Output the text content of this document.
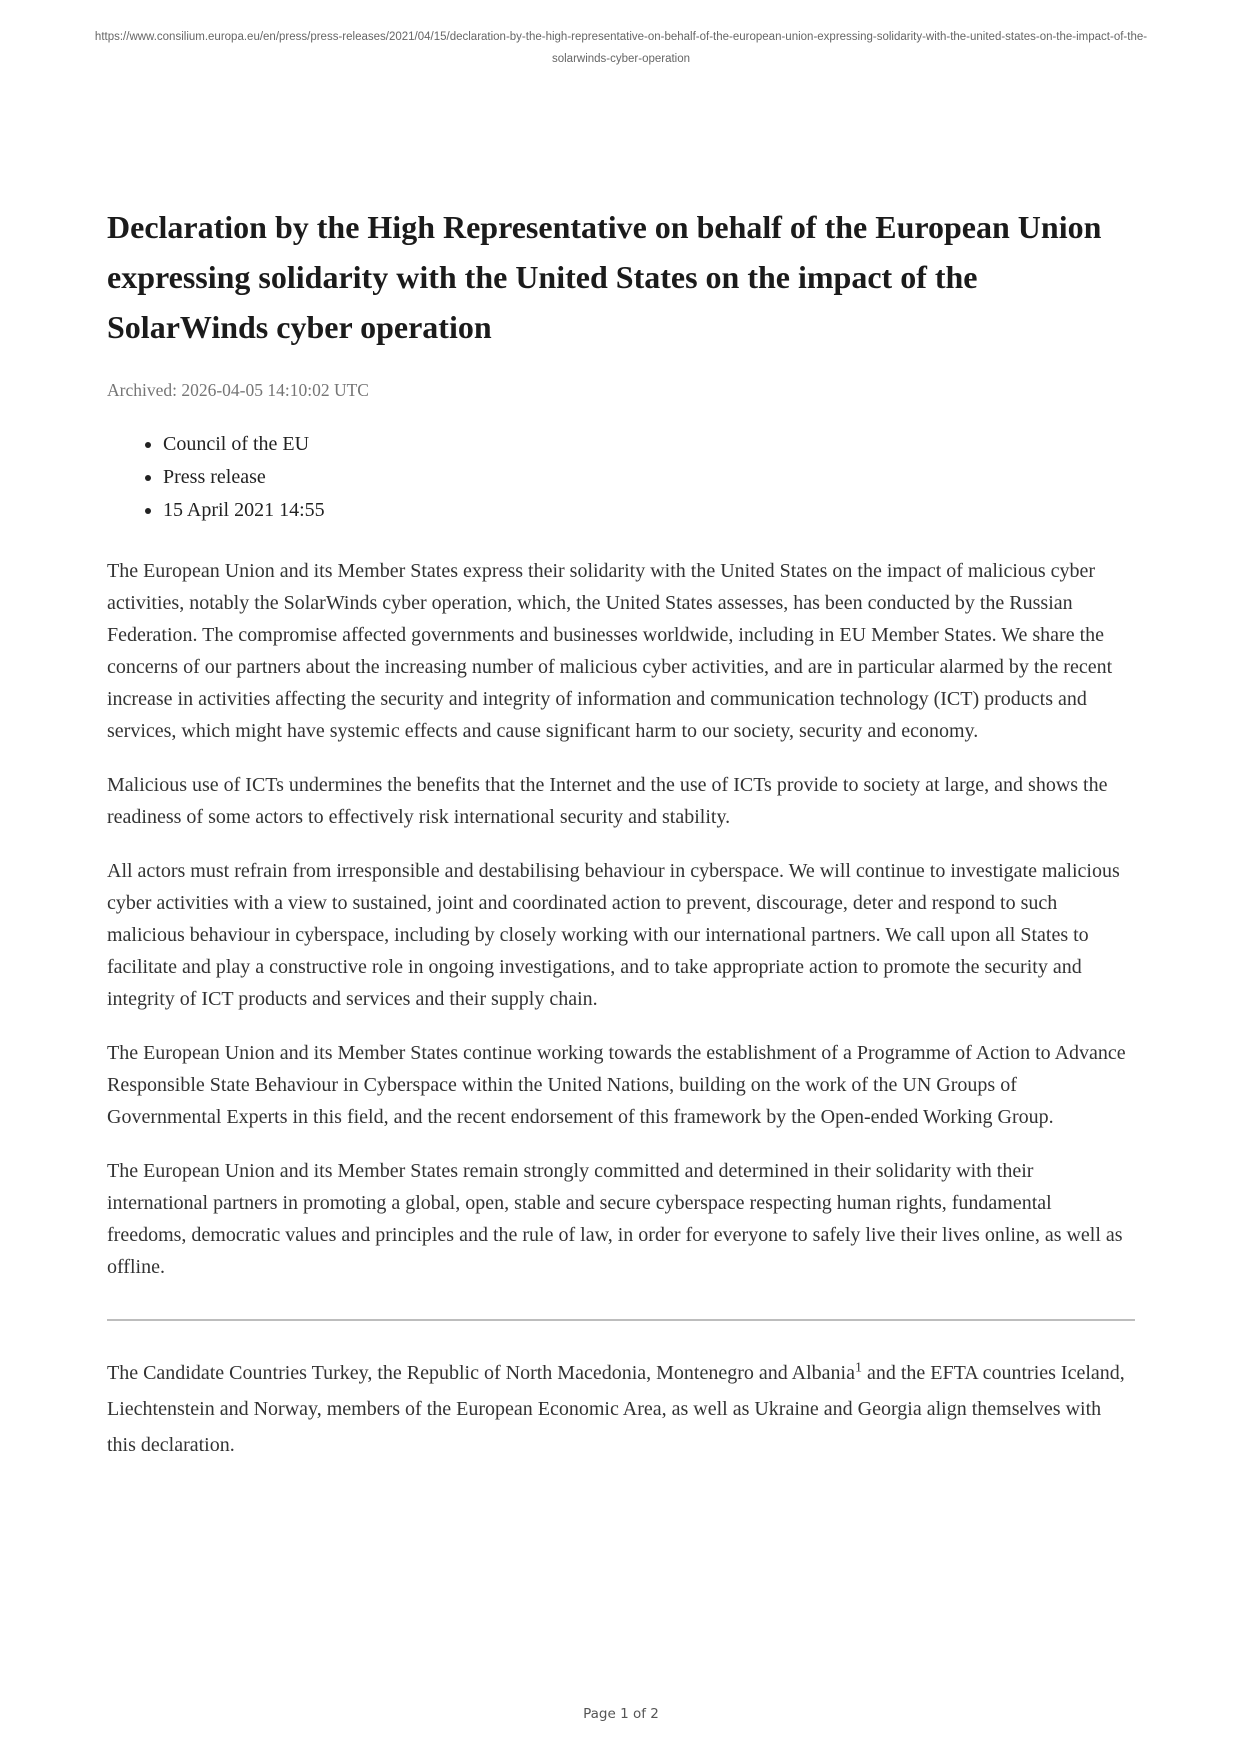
https://www.consilium.europa.eu/en/press/press-releases/2021/04/15/declaration-by-the-high-representative-on-behalf-of-the-european-union-expressing-solidarity-with-the-united-states-on-the-impact-of-the-solarwinds-cyber-operation
Declaration by the High Representative on behalf of the European Union expressing solidarity with the United States on the impact of the SolarWinds cyber operation
Archived: 2026-04-05 14:10:02 UTC
• Council of the EU
• Press release
• 15 April 2021 14:55

The European Union and its Member States express their solidarity with the United States on the impact of malicious cyber activities, notably the SolarWinds cyber operation, which, the United States assesses, has been conducted by the Russian Federation. The compromise affected governments and businesses worldwide, including in EU Member States. We share the concerns of our partners about the increasing number of malicious cyber activities, and are in particular alarmed by the recent increase in activities affecting the security and integrity of information and communication technology (ICT) products and services, which might have systemic effects and cause significant harm to our society, security and economy.

Malicious use of ICTs undermines the benefits that the Internet and the use of ICTs provide to society at large, and shows the readiness of some actors to effectively risk international security and stability.

All actors must refrain from irresponsible and destabilising behaviour in cyberspace. We will continue to investigate malicious cyber activities with a view to sustained, joint and coordinated action to prevent, discourage, deter and respond to such malicious behaviour in cyberspace, including by closely working with our international partners. We call upon all States to facilitate and play a constructive role in ongoing investigations, and to take appropriate action to promote the security and integrity of ICT products and services and their supply chain.

The European Union and its Member States continue working towards the establishment of a Programme of Action to Advance Responsible State Behaviour in Cyberspace within the United Nations, building on the work of the UN Groups of Governmental Experts in this field, and the recent endorsement of this framework by the Open-ended Working Group.

The European Union and its Member States remain strongly committed and determined in their solidarity with their international partners in promoting a global, open, stable and secure cyberspace respecting human rights, fundamental freedoms, democratic values and principles and the rule of law, in order for everyone to safely live their lives online, as well as offline.

The Candidate Countries Turkey, the Republic of North Macedonia, Montenegro and Albania$^1$ and the EFTA countries Iceland, Liechtenstein and Norway, members of the European Economic Area, as well as Ukraine and Georgia align themselves with this declaration.

Page 1 of 2
